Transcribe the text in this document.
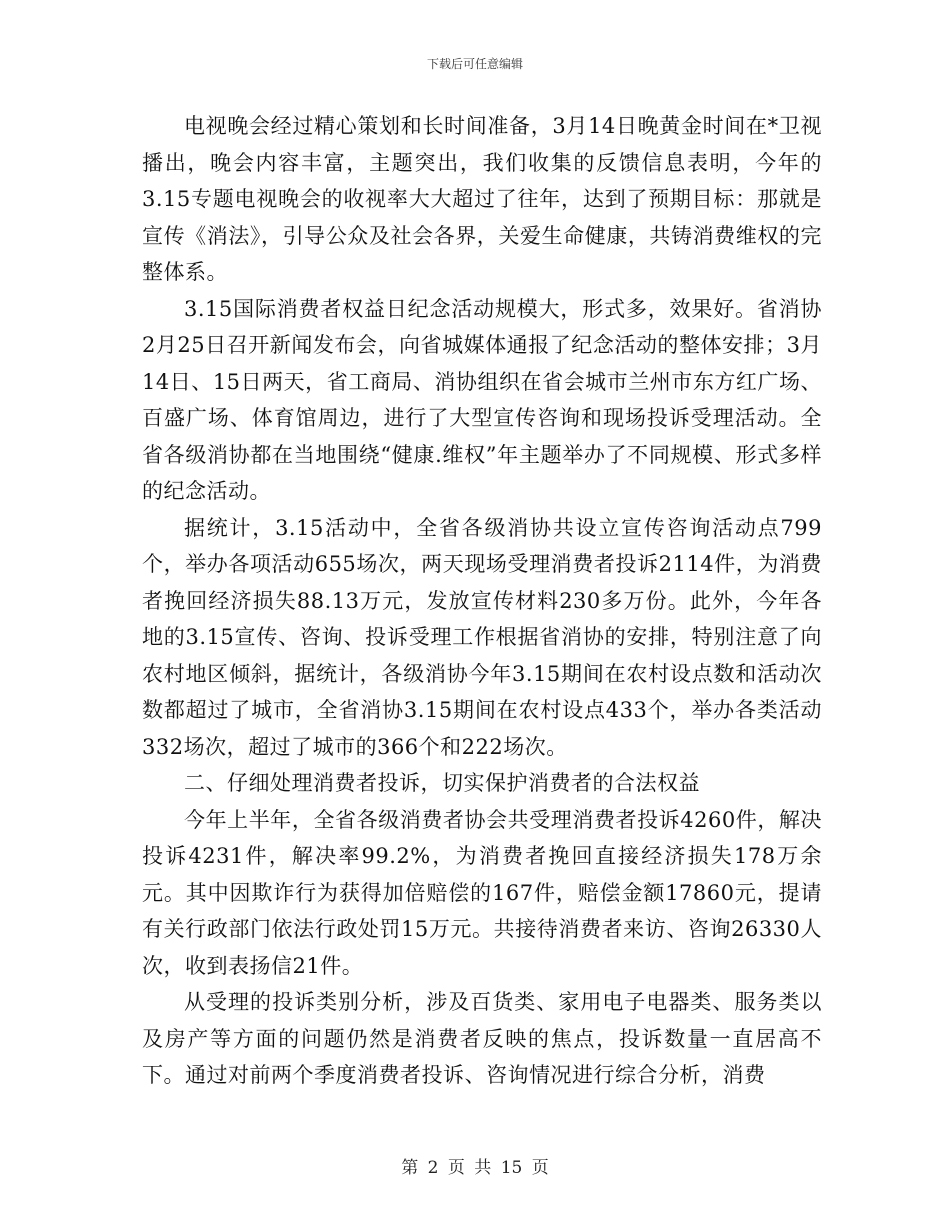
下载后可任意编辑

电视晚会经过精心策划和长时间准备，3月14日晚黄金时间在*卫视播出，晚会内容丰富，主题突出，我们收集的反馈信息表明，今年的3.15专题电视晚会的收视率大大超过了往年，达到了预期目标：那就是宣传《消法》，引导公众及社会各界，关爱生命健康，共铸消费维权的完整体系。

3.15国际消费者权益日纪念活动规模大，形式多，效果好。省消协2月25日召开新闻发布会，向省城媒体通报了纪念活动的整体安排；3月14日、15日两天，省工商局、消协组织在省会城市兰州市东方红广场、百盛广场、体育馆周边，进行了大型宣传咨询和现场投诉受理活动。全省各级消协都在当地围绕“健康.维权”年主题举办了不同规模、形式多样的纪念活动。

据统计，3.15活动中，全省各级消协共设立宣传咨询活动点799个，举办各项活动655场次，两天现场受理消费者投诉2114件，为消费者挽回经济损失88.13万元，发放宣传材料230多万份。此外，今年各地的3.15宣传、咨询、投诉受理工作根据省消协的安排，特别注意了向农村地区倾斜，据统计，各级消协今年3.15期间在农村设点数和活动次数都超过了城市，全省消协3.15期间在农村设点433个，举办各类活动332场次，超过了城市的366个和222场次。

二、仔细处理消费者投诉，切实保护消费者的合法权益

今年上半年，全省各级消费者协会共受理消费者投诉4260件，解决投诉4231件，解决率99.2%，为消费者挽回直接经济损失178万余元。其中因欺诈行为获得加倍赔偿的167件，赔偿金额17860元，提请有关行政部门依法行政处罚15万元。共接待消费者来访、咨询26330人次，收到表扬信21件。

从受理的投诉类别分析，涉及百货类、家用电子电器类、服务类以及房产等方面的问题仍然是消费者反映的焦点，投诉数量一直居高不下。通过对前两个季度消费者投诉、咨询情况进行综合分析，消费

第 2 页 共 15 页
